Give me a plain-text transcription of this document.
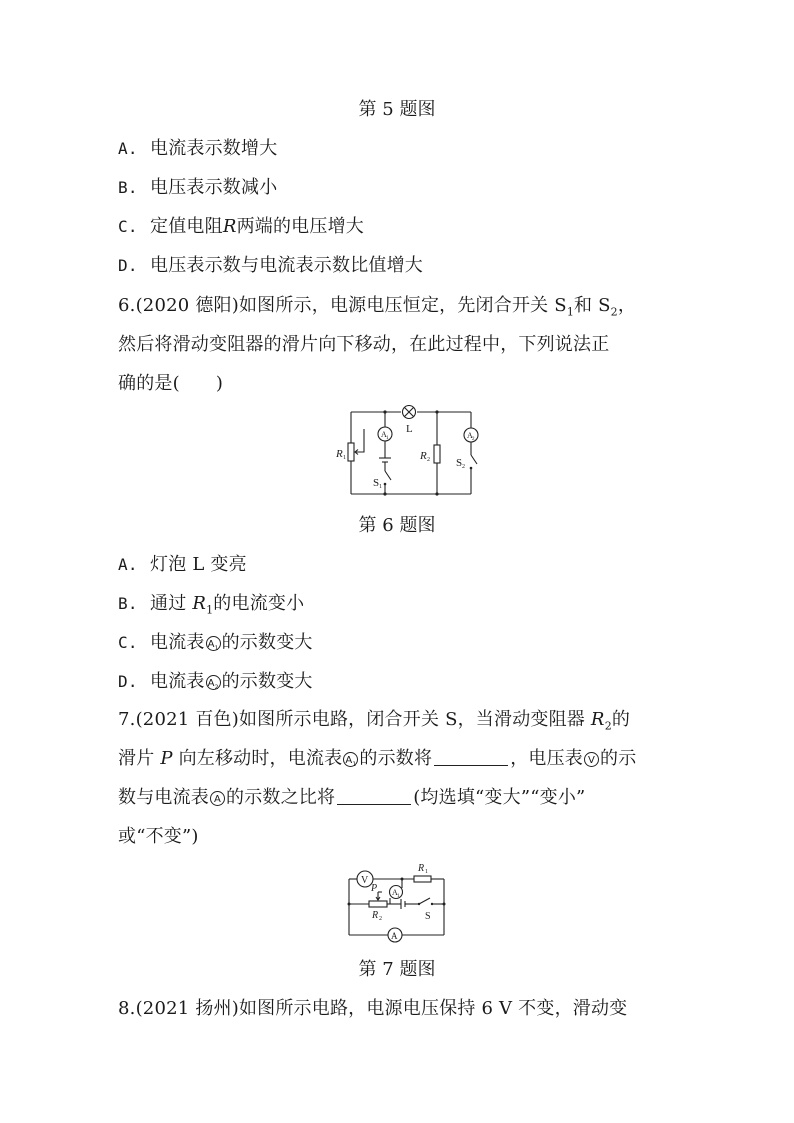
第 5 题图
A. 电流表示数增大
B. 电压表示数减小
C. 定值电阻R两端的电压增大
D. 电压表示数与电流表示数比值增大
6.(2020 德阳)如图所示，电源电压恒定，先闭合开关 $S_1$和 $S_2$，
然后将滑动变阻器的滑片向下移动，在此过程中，下列说法正
确的是( )
L
R 1	R 2
S 1
S 2
A 1	A 2
第 6 题图
A. 灯泡 L 变亮
B. 通过 $R_1$的电流变小
C. 电流表 $A_1$ 的示数变大
D. 电流表 $A_2$ 的示数变大
7.(2021 百色)如图所示电路，闭合开关 S，当滑动变阻器 $R_2$的
滑片 P 向左移动时，电流表 $A_1$ 的示数将	，电压表 V 的示
数与电流表 A 的示数之比将	(均选填“变大”“变小”
或“不变”)
V
R 1
P A 1
R 2	S
A
第 7 题图
8.(2021 扬州)如图所示电路，电源电压保持 6 V 不变，滑动变
